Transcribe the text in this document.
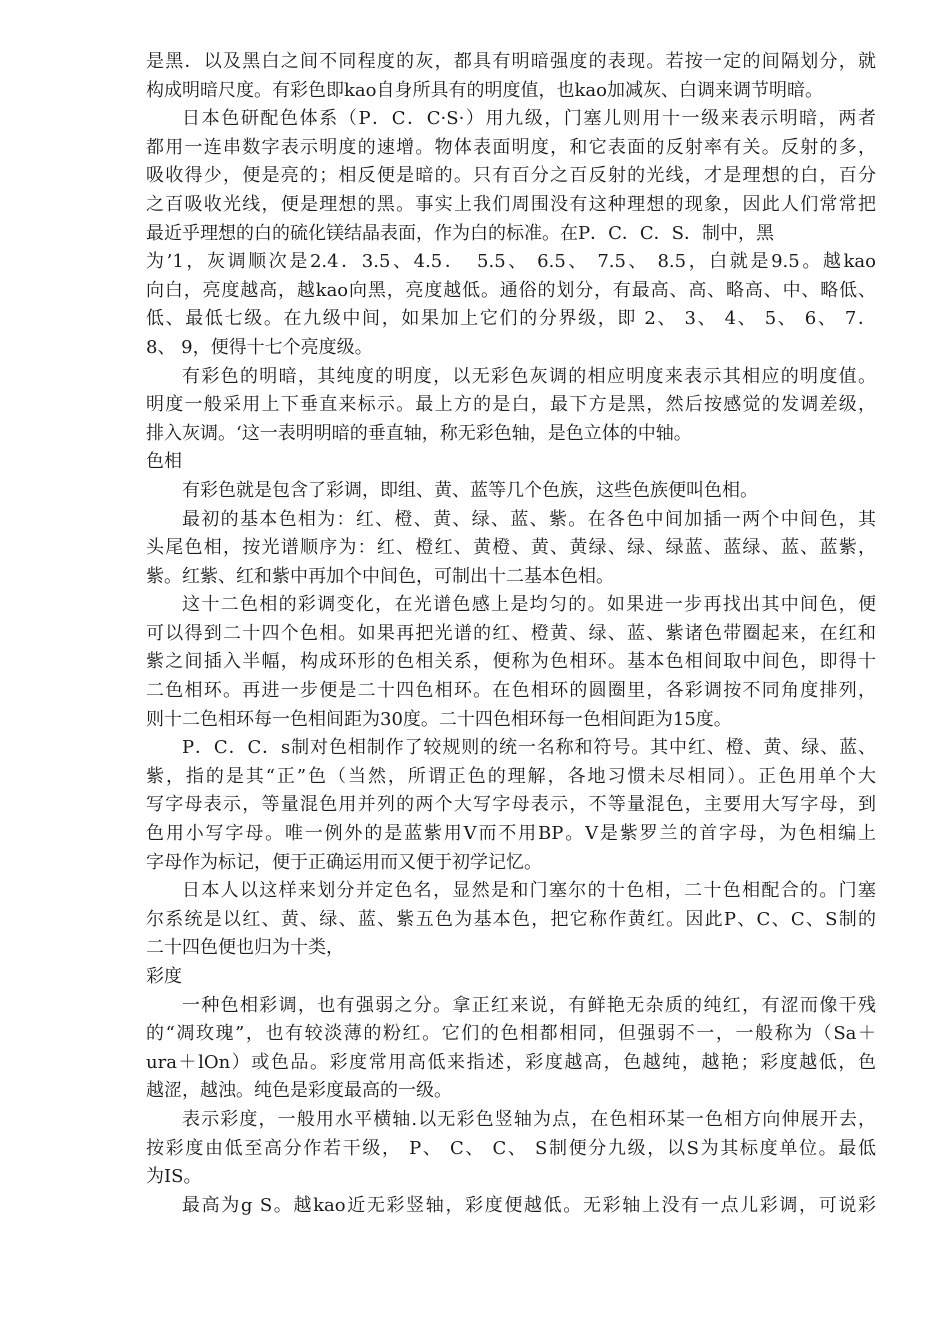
是黑．以及黑白之间不同程度的灰，都具有明暗强度的表现。若按一定的间隔划分，就
构成明暗尺度。有彩色即kao自身所具有的明度值，也kao加减灰、白调来调节明暗。
日本色研配色体系（P．C．C·S·）用九级，门塞儿则用十一级来表示明暗，两者
都用一连串数字表示明度的速增。物体表面明度，和它表面的反射率有关。反射的多，
吸收得少，便是亮的；相反便是暗的。只有百分之百反射的光线，才是理想的白，百分
之百吸收光线，便是理想的黑。事实上我们周围没有这种理想的现象，因此人们常常把
最近乎理想的白的硫化镁结晶表面，作为白的标准。在P．C．C．S．制中，黑
为’1，灰调顺次是2.4．3.5、4.5．　5.5、 6.5、 7.5、 8.5，白就是9.5。越kao
向白，亮度越高，越kao向黑，亮度越低。通俗的划分，有最高、高、略高、中、略低、
低、最低七级。在九级中间，如果加上它们的分界级，即 2、 3、 4、 5、 6、 7．
8、 9，便得十七个亮度级。
有彩色的明暗，其纯度的明度，以无彩色灰调的相应明度来表示其相应的明度值。
明度一般采用上下垂直来标示。最上方的是白，最下方是黑，然后按感觉的发调差级，
排入灰调。‘这一表明明暗的垂直轴，称无彩色轴，是色立体的中轴。
色相
有彩色就是包含了彩调，即组、黄、蓝等几个色族，这些色族便叫色相。
最初的基本色相为：红、橙、黄、绿、蓝、紫。在各色中间加插一两个中间色，其
头尾色相，按光谱顺序为：红、橙红、黄橙、黄、黄绿、绿、绿蓝、蓝绿、蓝、蓝紫，
紫。红紫、红和紫中再加个中间色，可制出十二基本色相。
这十二色相的彩调变化，在光谱色感上是均匀的。如果进一步再找出其中间色，便
可以得到二十四个色相。如果再把光谱的红、橙黄、绿、蓝、紫诸色带圈起来，在红和
紫之间插入半幅，构成环形的色相关系，便称为色相环。基本色相间取中间色，即得十
二色相环。再进一步便是二十四色相环。在色相环的圆圈里，各彩调按不同角度排列，
则十二色相环每一色相间距为30度。二十四色相环每一色相间距为15度。
P．C．C．s制对色相制作了较规则的统一名称和符号。其中红、橙、黄、绿、蓝、
紫，指的是其“正”色（当然，所谓正色的理解，各地习惯未尽相同）。正色用单个大
写字母表示，等量混色用并列的两个大写字母表示，不等量混色，主要用大写字母，到
色用小写字母。唯一例外的是蓝紫用V而不用BP。V是紫罗兰的首字母，为色相编上
字母作为标记，便于正确运用而又便于初学记忆。
日本人以这样来划分并定色名，显然是和门塞尔的十色相，二十色相配合的。门塞
尔系统是以红、黄、绿、蓝、紫五色为基本色，把它称作黄红。因此P、C、C、S制的
二十四色便也归为十类，
彩度
一种色相彩调，也有强弱之分。拿正红来说，有鲜艳无杂质的纯红，有涩而像干残
的“凋玫瑰”，也有较淡薄的粉红。它们的色相都相同，但强弱不一，一般称为（Sa＋
ura＋lOn）或色品。彩度常用高低来指述，彩度越高，色越纯，越艳；彩度越低，色
越涩，越浊。纯色是彩度最高的一级。
表示彩度，一般用水平横轴.以无彩色竖轴为点，在色相环某一色相方向伸展开去，
按彩度由低至高分作若干级， P、 C、 C、 S制便分九级，以S为其标度单位。最低
为IS。
最高为g S。越kao近无彩竖轴，彩度便越低。无彩轴上没有一点儿彩调，可说彩
